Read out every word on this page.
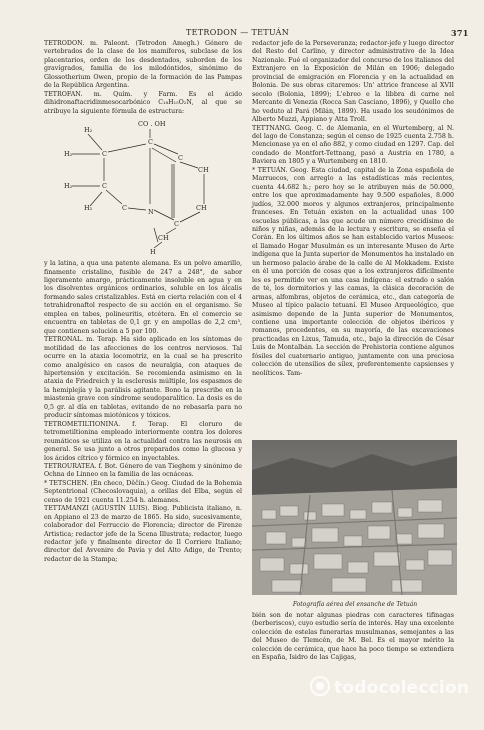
TETRODON — TETUÁN	371

TETRODON. m. Paleont. (Tetrodon Amegh.) Género de vertebrados de la clase de los mamíferos, subclase de los placentarios, orden de los desdentados, suborden de los gravígrados, familia de los milodóntidos, sinónimo de Glossotherium Owen, propio de la formación de las Pampas de la República Argentina.

TETROFAN. m. Quím. y Farm. Es el ácido dihidronaftacridinmesocarbónico C₁₈H₁₅O₂N, al que se atribuye la siguiente fórmula de estructura:

CO . OH
C
H₂
H₂	C
H₂	C
H₂	C	N
C
CH
CH
C
CH
H

y la latina, a qua una patente alemana. Es un polvo amarillo, finamente cristalino, fusible de 247 a 248°, de sabor ligeramente amargo, prácticamente insoluble en agua y en los disolventes orgánicos ordinarios, soluble en los álcalis formando sales cristalizables. Está en cierta relación con el 4 tetrahidronaftol respecto de su acción en el organismo. Se emplea en tabes, polineuritis, etcétera. En el comercio se encuentra en tabletas de 0,1 gr. y en ampollas de 2,2 cm³, que contienen solución a 5 por 100.

TETRONAL. m. Terap. Ha sido aplicado en los síntomas de motilidad de las afecciones de los centros nerviosos. Tal ocurre en la ataxia locomotriz, en la cual se ha prescrito como analgésico en casos de neuralgia, con ataques de hipertensión y excitación. Se recomienda asimismo en la ataxia de Friedreich y la esclerosis múltiple, los espasmos de la hemiplejía y la parálisis agitante. Bono la prescribe en la miastenia grave con síndrome seudoparalítico. La dosis es de 0,5 gr. al día en tabletas, evitando de no rebasarla para no producir síntomas miotónicos y tóxicos.

TETROMETILTIONINA. f. Terap. El cloruro de tetrometiltionina empleado interiormente contra los dolores reumáticos se utiliza en la actualidad contra las neurosis en general. Se usa junto a otros preparados como la glucosa y los ácidos cítrico y fórmico en inyectables.

TETROURATEA. f. Bot. Género de van Tieghem y sinónimo de Ochna de Linneo en la familia de las ocnáceas.

* TETSCHEN. (En checo, Děčín.) Geog. Ciudad de la Bohemia Septentrional (Checoslovaquia), a orillas del Elba, según el censo de 1921 cuenta 11.254 h. alemanes.

TETTAMANZI (AGUSTÍN LUIS). Biog. Publicista italiano, n. en Appiano el 23 de marzo de 1865. Ha sido, sucesivamente, colaborador del Ferruccio de Florencia; director de Firenze Artistica; redactor jefe de la Scena Illustrata; redactor, luego redactor jefe y finalmente director de Il Corriere Italiano; director del Avvenire de Pavía y del Alto Adige, de Trento; redactor de la Stampa;

redactor jefe de la Perseveranza; redactor-jefe y luego director del Resto del Carlino, y director administrativo de la Idea Nazionale. Fué el organizador del concurso de los italianos del Extranjero en la Exposición de Milán en 1906; delegado provincial de emigración en Florencia y en la actualidad en Bolonia. De sus obras citaremos: Un' attrice francese al XVII secolo (Bolonia, 1899); L'ebreo e la libbra di carne nel Mercante di Venezia (Rocca San Casciano, 1896), y Quello che ho veduto al Pará (Milán, 1899). Ha usado los seudónimos de Alberto Muzzi, Appiano y Atta Troll.

TETTNANG. Geog. C. de Alemania, en el Wurtemberg, al N. del lago de Constanza; según el censo de 1925 cuenta 2.758 h. Mencionase ya en el año 882, y como ciudad en 1297. Cap. del condado de Montfort-Tettnang, pasó a Austria en 1780, a Baviera en 1805 y a Wurtemberg en 1810.

* TETUÁN. Geog. Esta ciudad, capital de la Zona española de Marruecos, con arreglo a las estadísticas más recientes, cuenta 44.682 h.; pero hoy se le atribuyen más de 50.000, entre los que aproximadamente hay 9.500 españoles, 8.000 judíos, 32.000 moros y algunos extranjeros, principalmente franceses. En Tetuán existen en la actualidad unas 100 escuelas públicas, a las que acude un número crecidísimo de niños y niñas, además de la lectura y escritura, se enseña el Corán. En los últimos años se han establecido varios Museos: el llamado Hogar Musulmán es un interesante Museo de Arte indígena que la Junta superior de Monumentos ha instalado en un hermoso palacio árabe de la calle de Al Mokkadem. Existe en él una porción de cosas que a los extranjeros difícilmente les es permitido ver en una casa indígena: el estrado o salón de té, los dormitorios y las camas, la clásica decoración de armas, alfombras, objetos de cerámica, etc., dan categoría de Museo al típico palacio tetuaní. El Museo Arqueológico, que asimismo depende de la Junta superior de Monumentos, contiene una importante colección de objetos ibéricos y romanos, procedentes, en su mayoría, de las excavaciones practicadas en Lixus, Tamuda, etc., bajo la dirección de César Luis de Montalbán. La sección de Prehistoria contiene algunos fósiles del cuaternario antiguo, juntamente con una preciosa colección de utensilios de sílex, preferentemente capsienses y neolíticos. Tam-

Fotografía aérea del ensanche de Tetuán

bién son de notar algunas piedras con caracteres tifinagas (berberiscos), cuyo estudio sería de interés. Hay una excelente colección de estelas funerarias musulmanas, semejantes a las del Museo de Tlemcén, de M. Bel. Es el mayor mérito la colección de cerámica, que hace ha poco tiempo se extendiera en España, Isidro de las Cajigas,

todocoleccion
